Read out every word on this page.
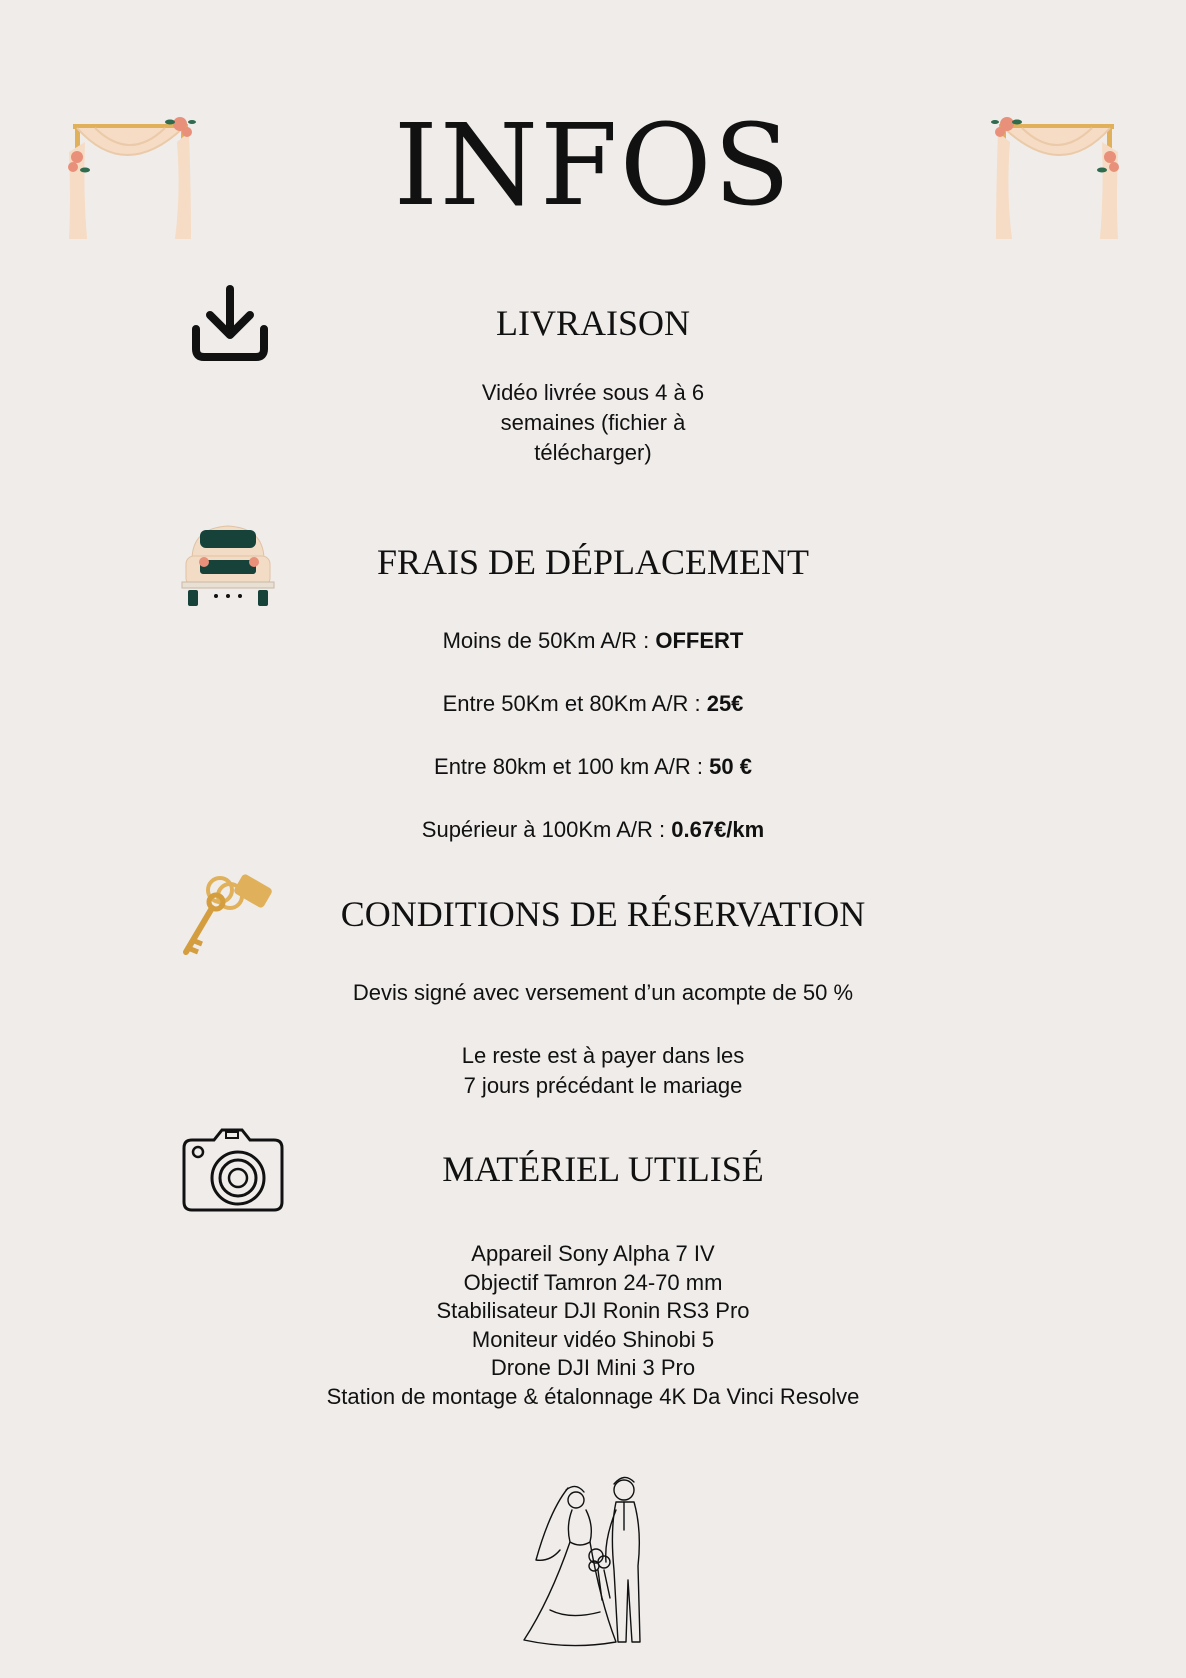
INFOS
LIVRAISON
Vidéo livrée sous 4 à 6
semaines (fichier à
télécharger)
FRAIS DE DÉPLACEMENT
Moins de 50Km A/R : OFFERT
Entre 50Km et 80Km A/R : 25€
Entre 80km et 100 km A/R : 50 €
Supérieur à 100Km A/R : 0.67€/km
CONDITIONS DE RÉSERVATION
Devis signé avec versement d’un acompte de 50 %
Le reste est à payer dans les
7 jours précédant le mariage
MATÉRIEL UTILISÉ
Appareil Sony Alpha 7 IV
Objectif Tamron 24-70 mm
Stabilisateur DJI Ronin RS3 Pro
Moniteur vidéo Shinobi 5
Drone DJI Mini 3 Pro
Station de montage & étalonnage 4K Da Vinci Resolve
